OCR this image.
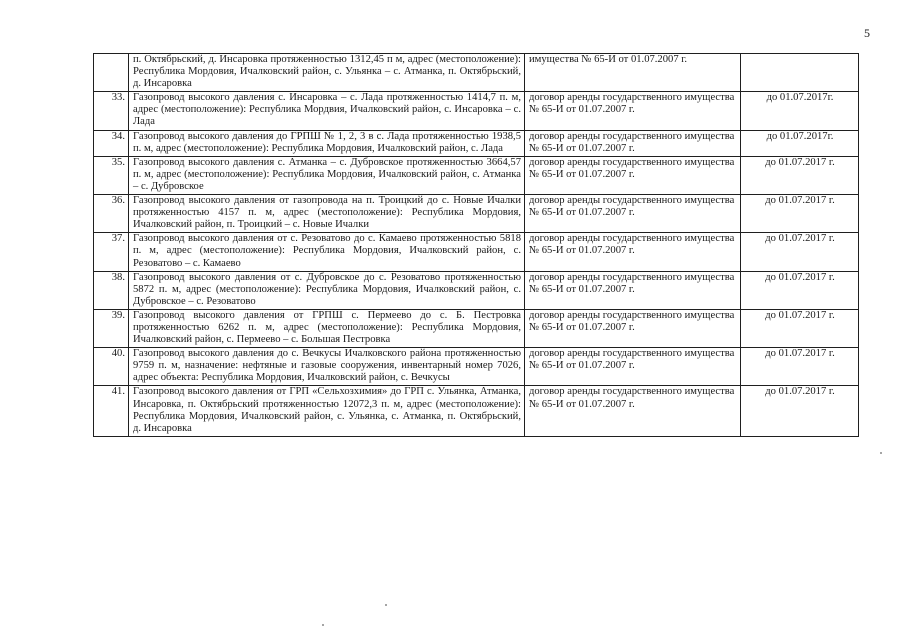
5
	п. Октябрьский, д. Инсаровка протяженностью 1312,45 п м, адрес (местоположение): Республика Мордовия, Ичалковский район, с. Ульянка – с. Атманка, п. Октябрьский, д. Инсаровка	имущества № 65-И от 01.07.2007 г.	
33.	Газопровод высокого давления с. Инсаровка – с. Лада протяженностью 1414,7 п. м, адрес (местоположение): Республика Мордвия, Ичалковский район, с. Инсаровка – с. Лада	договор аренды государственного имущества № 65-И от 01.07.2007 г.	до 01.07.2017г.
34.	Газопровод высокого давления до ГРПШ № 1, 2, 3 в с. Лада протяженностью 1938,5 п. м, адрес (местоположение): Республика Мордовия, Ичалковский район, с. Лада	договор аренды государственного имущества № 65-И от 01.07.2007 г.	до 01.07.2017г.
35.	Газопровод высокого давления с. Атманка – с. Дубровское протяженностью 3664,57 п. м, адрес (местоположение): Республика Мордовия, Ичалковский район, с. Атманка – с. Дубровское	договор аренды государственного имущества № 65-И от 01.07.2007 г.	до 01.07.2017 г.
36.	Газопровод высокого давления от газопровода на п. Троицкий до с. Новые Ичалки протяженностью 4157 п. м, адрес (местоположение): Республика Мордовия, Ичалковский район, п. Троицкий – с. Новые Ичалки	договор аренды государственного имущества № 65-И от 01.07.2007 г.	до 01.07.2017 г.
37.	Газопровод высокого давления от с. Резоватово до с. Камаево протяженностью 5818 п. м, адрес (местоположение): Республика Мордовия, Ичалковский район, с. Резоватово – с. Камаево	договор аренды государственного имущества № 65-И от 01.07.2007 г.	до 01.07.2017 г.
38.	Газопровод высокого давления от с. Дубровское до с. Резоватово протяженностью 5872 п. м, адрес (местоположение): Республика Мордовия, Ичалковский район, с. Дубровское – с. Резоватово	договор аренды государственного имущества № 65-И от 01.07.2007 г.	до 01.07.2017 г.
39.	Газопровод высокого давления от ГРПШ с. Пермеево до с. Б. Пестровка протяженностью 6262 п. м, адрес (местоположение): Республика Мордовия, Ичалковский район, с. Пермеево – с. Большая Пестровка	договор аренды государственного имущества № 65-И от 01.07.2007 г.	до 01.07.2017 г.
40.	Газопровод высокого давления до с. Вечкусы Ичалковского района протяженностью 9759 п. м, назначение: нефтяные и газовые сооружения, инвентарный номер 7026, адрес объекта: Республика Мордовия, Ичалковский район, с. Вечкусы	договор аренды государственного имущества № 65-И от 01.07.2007 г.	до 01.07.2017 г.
41.	Газопровод высокого давления от ГРП «Сельхозхимия» до ГРП с. Ульянка, Атманка, Инсаровка, п. Октябрьский протяженностью 12072,3 п. м, адрес (местоположение): Республика Мордовия, Ичалковский район, с. Ульянка, с. Атманка, п. Октябрьский, д. Инсаровка	договор аренды государственного имущества № 65-И от 01.07.2007 г.	до 01.07.2017 г.
